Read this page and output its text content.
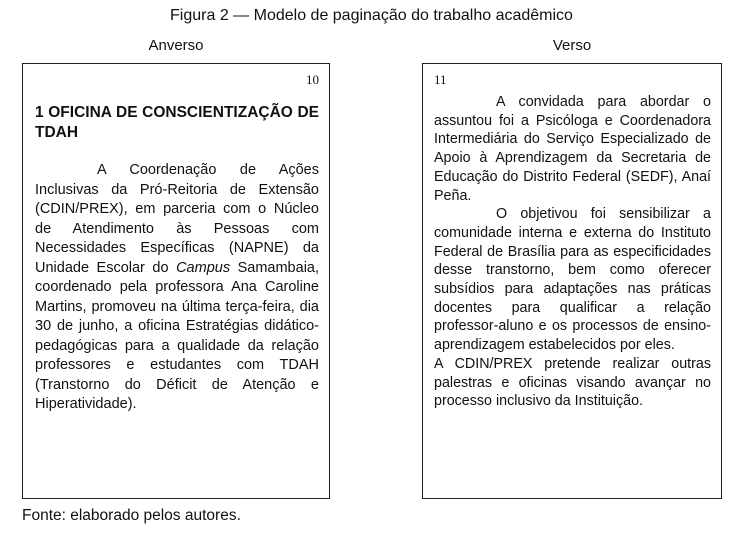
Figura 2 — Modelo de paginação do trabalho acadêmico
Anverso	Verso
10
1 OFICINA DE CONSCIENTIZAÇÃO DE TDAH

A Coordenação de Ações Inclusivas da Pró-Reitoria de Extensão (CDIN/PREX), em parceria com o Núcleo de Atendimento às Pessoas com Necessidades Específicas (NAPNE) da Unidade Escolar do Campus Samambaia, coordenado pela professora Ana Caroline Martins, promoveu na última terça-feira, dia 30 de junho, a oficina Estratégias didático-pedagógicas para a qualidade da relação professores e estudantes com TDAH (Transtorno do Déficit de Atenção e Hiperatividade).

11

A convidada para abordar o assuntou foi a Psicóloga e Coordenadora Intermediária do Serviço Especializado de Apoio à Aprendizagem da Secretaria de Educação do Distrito Federal (SEDF), Anaí Peña.

O objetivou foi sensibilizar a comunidade interna e externa do Instituto Federal de Brasília para as especificidades desse transtorno, bem como oferecer subsídios para adaptações nas práticas docentes para qualificar a relação professor-aluno e os processos de ensino-aprendizagem estabelecidos por eles.

A CDIN/PREX pretende realizar outras palestras e oficinas visando avançar no processo inclusivo da Instituição.

Fonte: elaborado pelos autores.
